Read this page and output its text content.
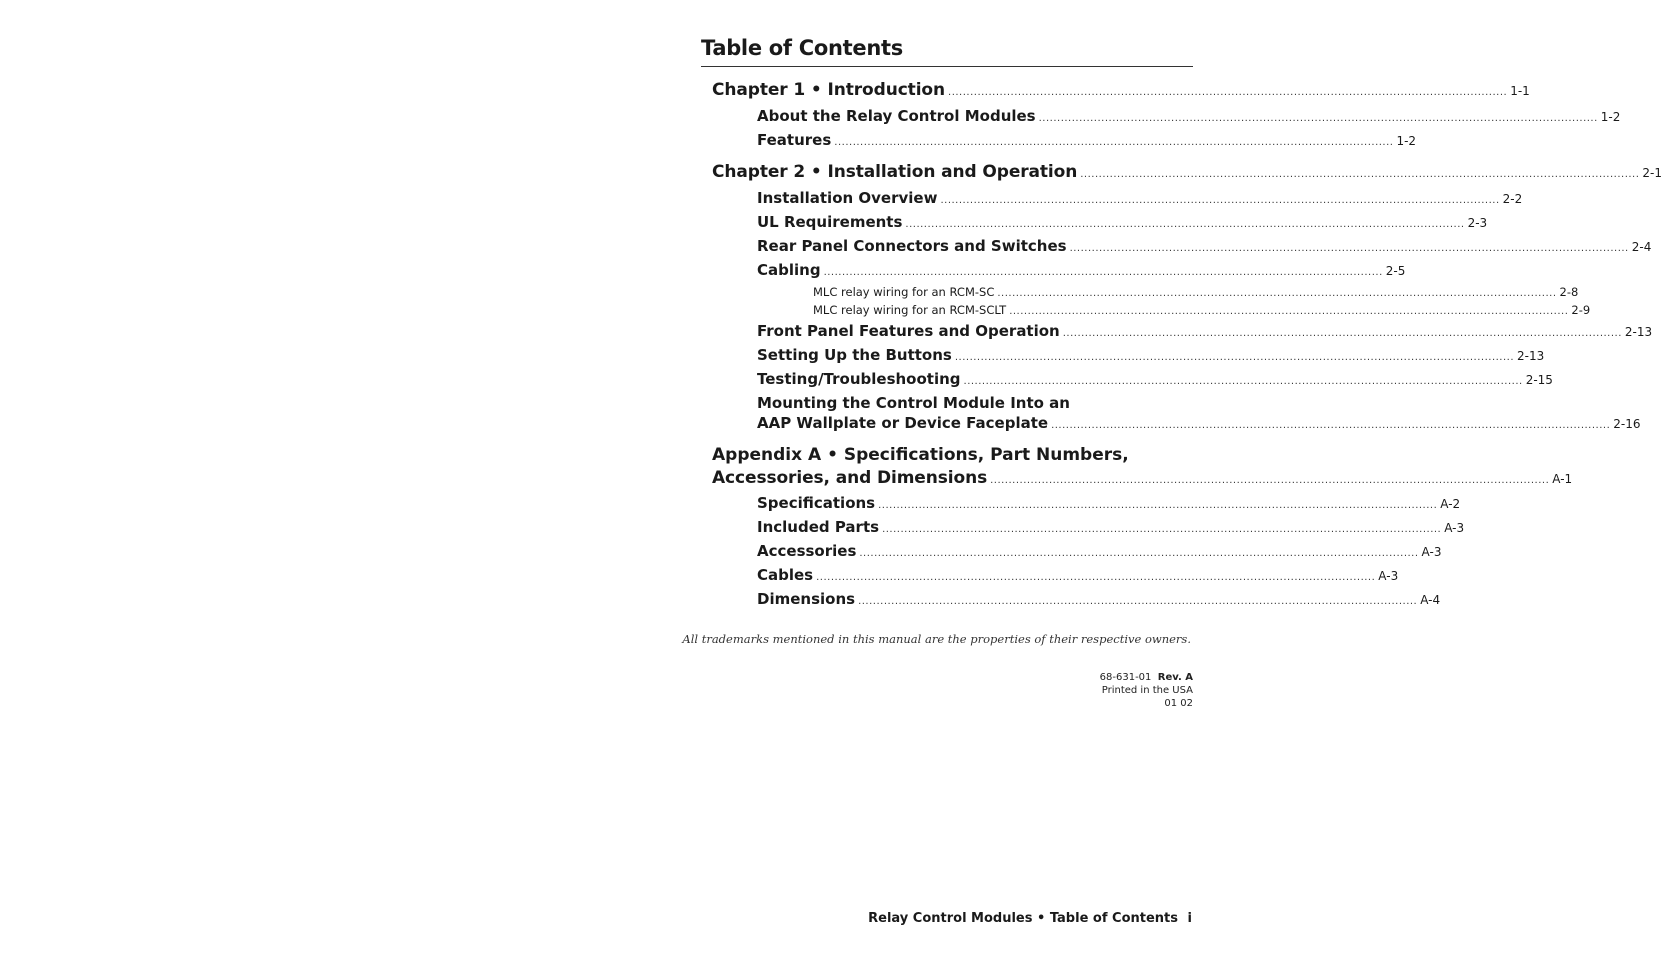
Table of Contents
Chapter 1 • Introduction ........................................................................................................................................................ 1-1
About the Relay Control Modules ........................................................................................................................................................ 1-2
Features ........................................................................................................................................................ 1-2
Chapter 2 • Installation and Operation ........................................................................................................................................................ 2-1
Installation Overview ........................................................................................................................................................ 2-2
UL Requirements ........................................................................................................................................................ 2-3
Rear Panel Connectors and Switches ........................................................................................................................................................ 2-4
Cabling ........................................................................................................................................................ 2-5
MLC relay wiring for an RCM-SC ........................................................................................................................................................ 2-8
MLC relay wiring for an RCM-SCLT ........................................................................................................................................................ 2-9
Front Panel Features and Operation ........................................................................................................................................................ 2-13
Setting Up the Buttons ........................................................................................................................................................ 2-13
Testing/Troubleshooting ........................................................................................................................................................ 2-15
Mounting the Control Module Into an
AAP Wallplate or Device Faceplate ........................................................................................................................................................ 2-16
Appendix A • Specifications, Part Numbers,
Accessories, and Dimensions ........................................................................................................................................................ A-1
Specifications ........................................................................................................................................................ A-2
Included Parts ........................................................................................................................................................ A-3
Accessories ........................................................................................................................................................ A-3
Cables ........................................................................................................................................................ A-3
Dimensions ........................................................................................................................................................ A-4
All trademarks mentioned in this manual are the properties of their respective owners.
68-631-01 Rev. A
Printed in the USA
01 02
Relay Control Modules • Table of Contents i
